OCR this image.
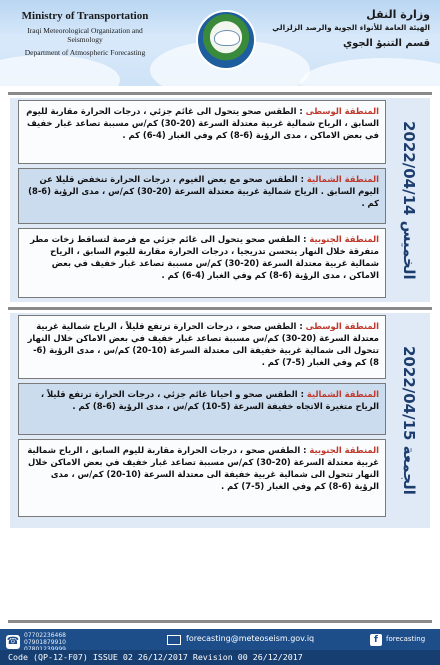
Ministry of Transportation
Iraqi Meteorological Organization and Seismology
Department of Atmospheric Forecasting
وزارة النقل
الهيئة العامة للأنواء الجوية والرصد الزلزالي
قسم التنبؤ الجوي
الخميس 2022/04/14
المنطقة الوسطى : الطقس صحو يتحول الى غائم جزئي ، درجات الحرارة مقاربة لليوم السابق ، الرياح شمالية غربية معتدلة السرعة (20-30) كم/س مسببة تصاعد غبار خفيف في بعض الاماكن ، مدى الرؤية (6-8) كم وفي الغبار (4-6) كم .
المنطقة الشمالية : الطقس صحو مع بعض الغيوم ، درجات الحرارة تنخفض قليلا عن اليوم السابق . الرياح شمالية غربية معتدلة السرعة (20-30) كم/س ، مدى الرؤية (6-8) كم .
المنطقة الجنوبية : الطقس صحو يتحول الى غائم جزئي مع فرصة لتساقط زخات مطر متفرقة خلال النهار يتحسن تدريجيا ، درجات الحرارة مقاربة لليوم السابق ، الرياح شمالية غربية معتدلة السرعة (20-30) كم/س مسببة تصاعد غبار خفيف في بعض الاماكن ، مدى الرؤية (6-8) كم وفي الغبار (4-6) كم .
الجمعة 2022/04/15
المنطقة الوسطى : الطقس صحو ، درجات الحرارة ترتفع قليلاً ، الرياح شمالية غربية معتدلة السرعة (20-30) كم/س مسببة تصاعد غبار خفيف في بعض الاماكن خلال النهار تتحول الى شمالية غربية خفيفة الى معتدلة السرعة (10-20) كم/س ، مدى الرؤية (6-8) كم وفي الغبار (5-7) كم .
المنطقة الشمالية : الطقس صحو و احيانا غائم جزئي ، درجات الحرارة ترتفع قليلاً ، الرياح متغيرة الاتجاه خفيفة السرعة (5-10) كم/س ، مدى الرؤية (6-8) كم .
المنطقة الجنوبية : الطقس صحو ، درجات الحرارة مقاربة لليوم السابق ، الرياح شمالية غربية معتدلة السرعة (20-30) كم/س مسببة تصاعد غبار خفيف في بعض الاماكن خلال النهار تتحول الى شمالية غربية خفيفة الى معتدلة السرعة (10-20) كم/س ، مدى الرؤية (6-8) كم وفي الغبار (5-7) كم .
☎
07702236468
07901879910	forecasting@meteoseism.gov.iq	f	forecasting
Code (QP-12-F07) ISSUE 02 26/12/2017 Revision 00 26/12/2017
